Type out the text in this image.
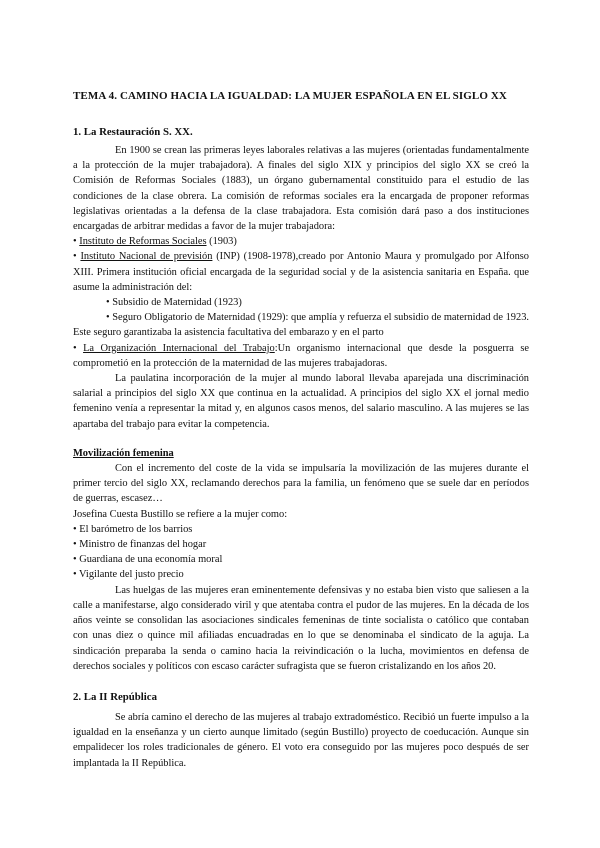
TEMA 4. CAMINO HACIA LA IGUALDAD: LA MUJER ESPAÑOLA EN EL SIGLO XX
1. La Restauración S. XX.

En 1900 se crean las primeras leyes laborales relativas a las mujeres (orientadas fundamentalmente a la protección de la mujer trabajadora). A finales del siglo XIX y principios del siglo XX se creó la Comisión de Reformas Sociales (1883), un órgano gubernamental constituido para el estudio de las condiciones de la clase obrera. La comisión de reformas sociales era la encargada de proponer reformas legislativas orientadas a la defensa de la clase trabajadora. Esta comisión dará paso a dos instituciones encargadas de arbitrar medidas a favor de la mujer trabajadora:

• Instituto de Reformas Sociales (1903)

• Instituto Nacional de previsión (INP) (1908-1978),creado por Antonio Maura y promulgado por Alfonso XIII. Primera institución oficial encargada de la seguridad social y de la asistencia sanitaria en España. que asume la administración del:

• Subsidio de Maternidad (1923)

• Seguro Obligatorio de Maternidad (1929): que amplía y refuerza el subsidio de maternidad de 1923. Este seguro garantizaba la asistencia facultativa del embarazo y en el parto

• La Organización Internacional del Trabajo:Un organismo internacional que desde la posguerra se comprometió en la protección de la maternidad de las mujeres trabajadoras.

La paulatina incorporación de la mujer al mundo laboral llevaba aparejada una discriminación salarial a principios del siglo XX que continua en la actualidad. A principios del siglo XX el jornal medio femenino venía a representar la mitad y, en algunos casos menos, del salario masculino. A las mujeres se las apartaba del trabajo para evitar la competencia.

Movilización femenina

Con el incremento del coste de la vida se impulsaría la movilización de las mujeres durante el primer tercio del siglo XX, reclamando derechos para la familia, un fenómeno que se suele dar en períodos de guerras, escasez…

Josefina Cuesta Bustillo se refiere a la mujer como:

• El barómetro de los barrios

• Ministro de finanzas del hogar

• Guardiana de una economía moral

• Vigilante del justo precio

Las huelgas de las mujeres eran eminentemente defensivas y no estaba bien visto que saliesen a la calle a manifestarse, algo considerado viril y que atentaba contra el pudor de las mujeres. En la década de los años veinte se consolidan las asociaciones sindicales femeninas de tinte socialista o católico que contaban con unas diez o quince mil afiliadas encuadradas en lo que se denominaba el sindicato de la aguja. La sindicación preparaba la senda o camino hacia la reivindicación o la lucha, movimientos en defensa de derechos sociales y políticos con escaso carácter sufragista que se fueron cristalizando en los años 20.

2. La II República

Se abría camino el derecho de las mujeres al trabajo extradoméstico. Recibió un fuerte impulso a la igualdad en la enseñanza y un cierto aunque limitado (según Bustillo) proyecto de coeducación. Aunque sin empalidecer los roles tradicionales de género. El voto era conseguido por las mujeres poco después de ser implantada la II República.
